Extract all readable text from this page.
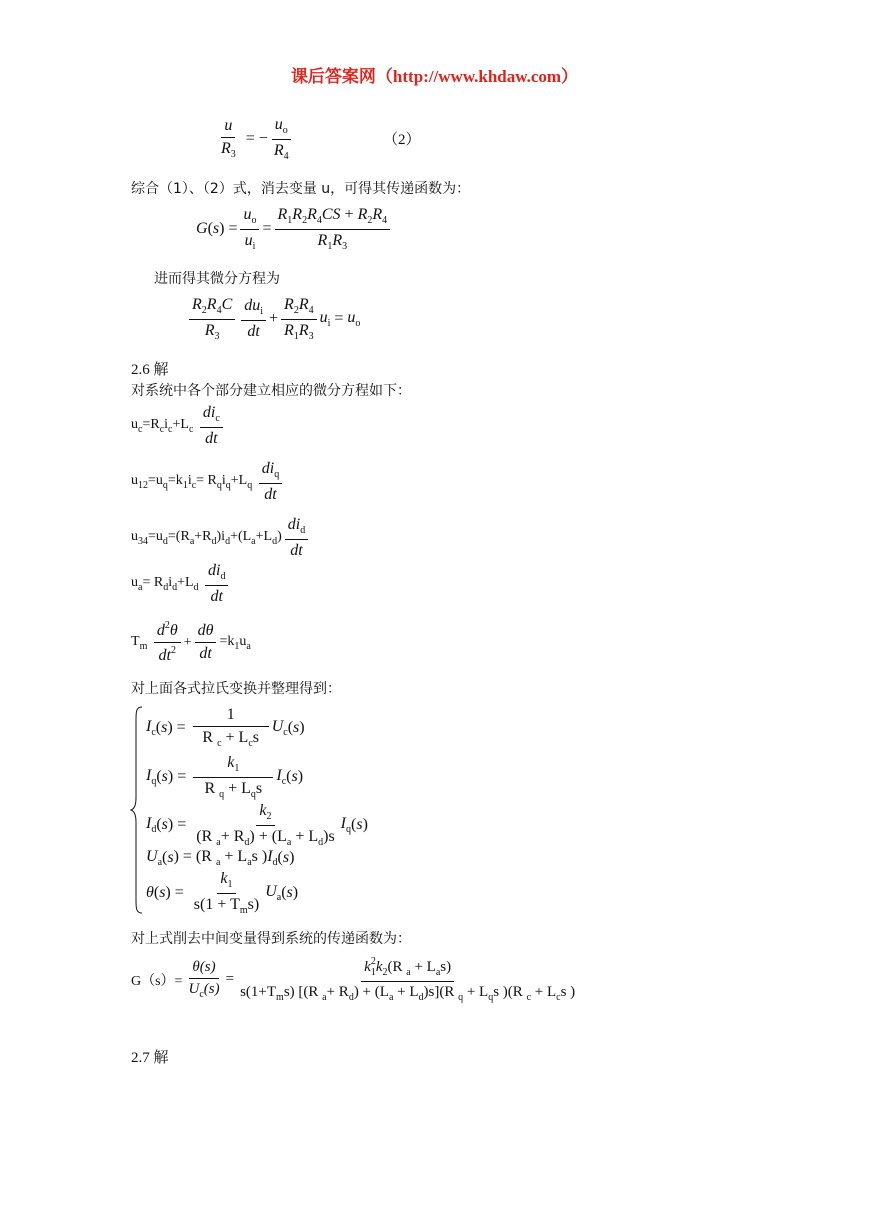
课后答案网（http://www.khdaw.com）
$\frac{u}{R_3}$ = − $\frac{u_o}{R_4}$	（2）
综合（1）、（2）式，消去变量 u，可得其传递函数为：
G ( s ) = $\frac{u_o}{u_i} = \frac{R_1R_2R_4CS + R_2R_4}{R_1R_3}$
进而得其微分方程为
$\frac{R_2R_4C}{R_3} \frac{du_i}{dt} + \frac{R_2R_4}{R_1R_3} u_i = u_o$
2.6 解
对系统中各个部分建立相应的微分方程如下：
$u_c=R_ci_c+L_c \frac{di_c}{dt}$
$u_{12}=u_q=k_1i_c= R_qi_q+L_q \frac{di_q}{dt}$
$u_{34}=u_d=(R_a+R_d)i_d+(L_a+L_d) \frac{di_d}{dt}$
$u_a= R_di_d+L_d \frac{di_d}{dt}$
$T_m \frac{d^2\theta}{dt^2} + \frac{d\theta}{dt} =k_1u_a$
对上面各式拉氏变换并整理得到：
$I_c$ ( s ) = $\frac{1}{R _c + L_cs} U_c$ ( s )
$I_q$ ( s ) = $\frac{k_1}{R _q + L_qs} I_c$ ( s )
$I_d$ ( s ) = $\frac{k_2}{(R _a+ R_d) + (L_a + L_d)s} I_q$ ( s )
$U_a$ ( s ) = (R $_a + L_as$ ) $I_d$ ( s )
θ ( s ) = $\frac{k_1}{s(1 + T_ms)} U_a$ ( s )
对上式削去中间变量得到系统的传递函数为：
$G(s)= \frac{\theta(s)}{U_c(s)} = \frac{k_1^2k_2(R _a + L_as)}{s(1+T_ms) [(R _a+ R_d) + (L_a + L_d)s](R _q + L_qs )(R _c + L_cs )}$
2.7 解
